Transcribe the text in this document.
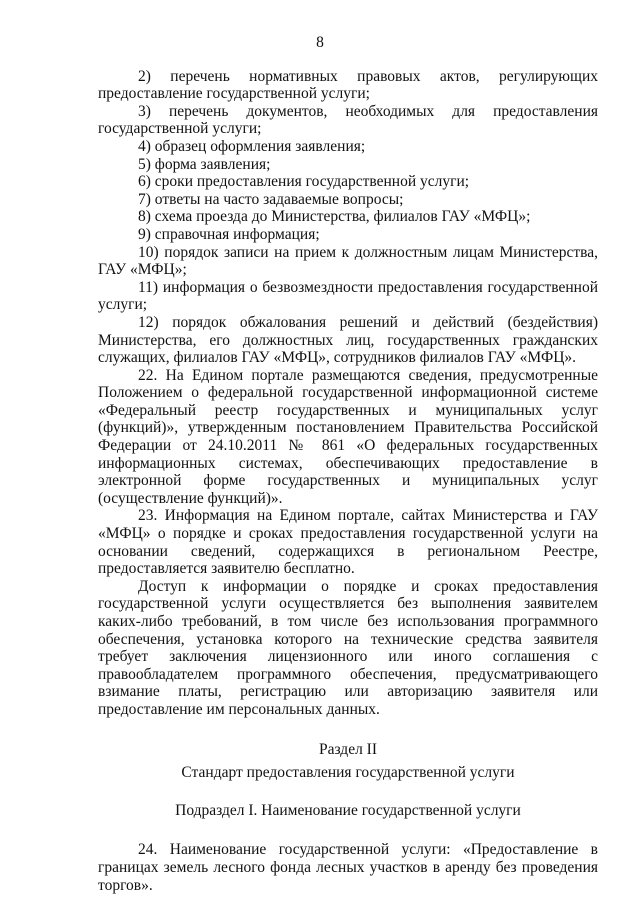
8

2) перечень нормативных правовых актов, регулирующих предоставление государственной услуги;

3) перечень документов, необходимых для предоставления государственной услуги;

4) образец оформления заявления;

5) форма заявления;

6) сроки предоставления государственной услуги;

7) ответы на часто задаваемые вопросы;

8) схема проезда до Министерства, филиалов ГАУ «МФЦ»;

9) справочная информация;

10) порядок записи на прием к должностным лицам Министерства, ГАУ «МФЦ»;

11) информация о безвозмездности предоставления государственной услуги;

12) порядок обжалования решений и действий (бездействия) Министерства, его должностных лиц, государственных гражданских служащих, филиалов ГАУ «МФЦ», сотрудников филиалов ГАУ «МФЦ».

22. На Едином портале размещаются сведения, предусмотренные Положением о федеральной государственной информационной системе «Федеральный реестр государственных и муниципальных услуг (функций)», утвержденным постановлением Правительства Российской Федерации от 24.10.2011 № 861 «О федеральных государственных информационных системах, обеспечивающих предоставление в электронной форме государственных и муниципальных услуг (осуществление функций)».

23. Информация на Едином портале, сайтах Министерства и ГАУ «МФЦ» о порядке и сроках предоставления государственной услуги на основании сведений, содержащихся в региональном Реестре, предоставляется заявителю бесплатно.

Доступ к информации о порядке и сроках предоставления государственной услуги осуществляется без выполнения заявителем каких-либо требований, в том числе без использования программного обеспечения, установка которого на технические средства заявителя требует заключения лицензионного или иного соглашения с правообладателем программного обеспечения, предусматривающего взимание платы, регистрацию или авторизацию заявителя или предоставление им персональных данных.

Раздел II

Стандарт предоставления государственной услуги

Подраздел I. Наименование государственной услуги

24. Наименование государственной услуги: «Предоставление в границах земель лесного фонда лесных участков в аренду без проведения торгов».
